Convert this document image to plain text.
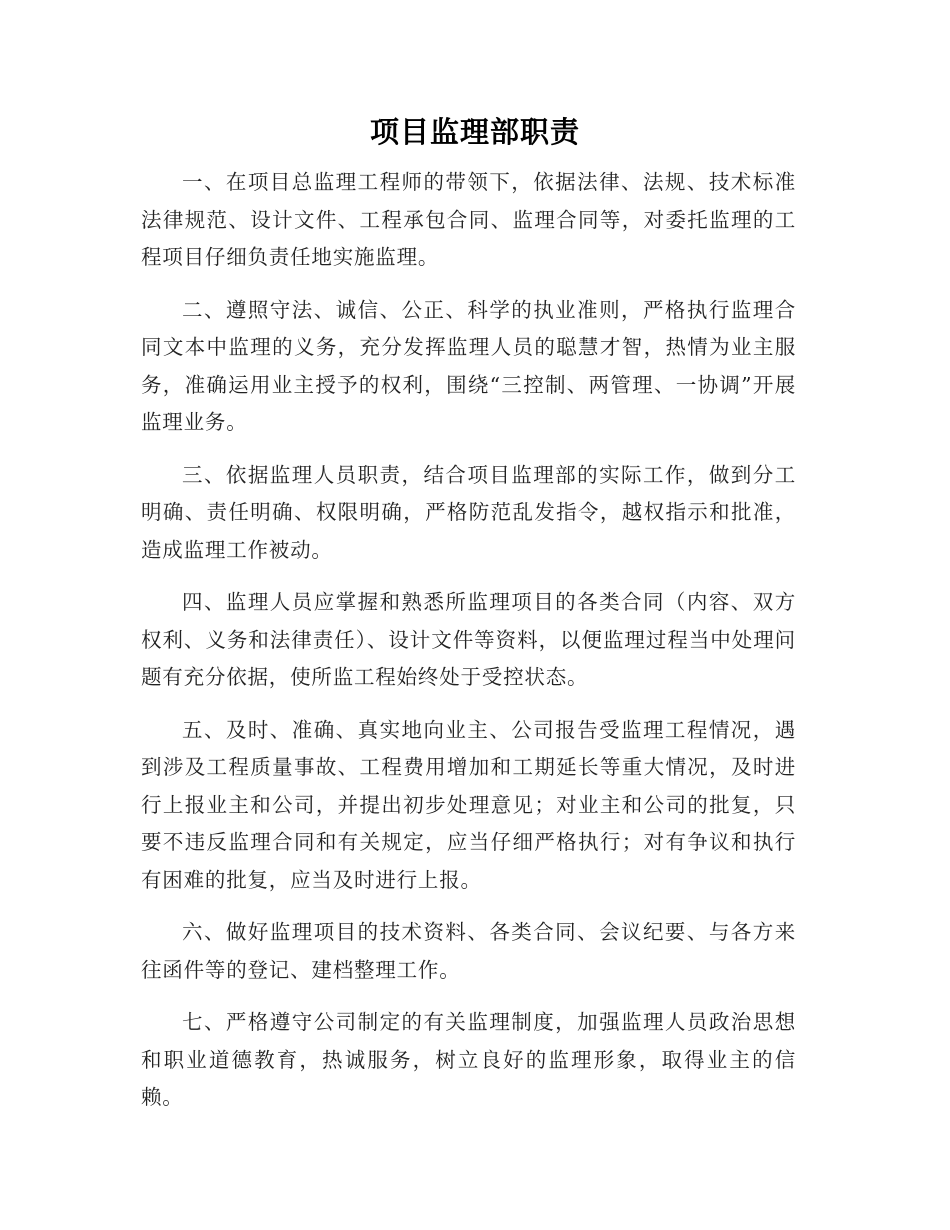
项目监理部职责

一、在项目总监理工程师的带领下，依据法律、法规、技术标准法律规范、设计文件、工程承包合同、监理合同等，对委托监理的工程项目仔细负责任地实施监理。

二、遵照守法、诚信、公正、科学的执业准则，严格执行监理合同文本中监理的义务，充分发挥监理人员的聪慧才智，热情为业主服务，准确运用业主授予的权利，围绕“三控制、两管理、一协调”开展监理业务。

三、依据监理人员职责，结合项目监理部的实际工作，做到分工明确、责任明确、权限明确，严格防范乱发指令，越权指示和批准，造成监理工作被动。

四、监理人员应掌握和熟悉所监理项目的各类合同（内容、双方权利、义务和法律责任）、设计文件等资料，以便监理过程当中处理问题有充分依据，使所监工程始终处于受控状态。

五、及时、准确、真实地向业主、公司报告受监理工程情况，遇到涉及工程质量事故、工程费用增加和工期延长等重大情况，及时进行上报业主和公司，并提出初步处理意见；对业主和公司的批复，只要不违反监理合同和有关规定，应当仔细严格执行；对有争议和执行有困难的批复，应当及时进行上报。

六、做好监理项目的技术资料、各类合同、会议纪要、与各方来往函件等的登记、建档整理工作。

七、严格遵守公司制定的有关监理制度，加强监理人员政治思想和职业道德教育，热诚服务，树立良好的监理形象，取得业主的信赖。
